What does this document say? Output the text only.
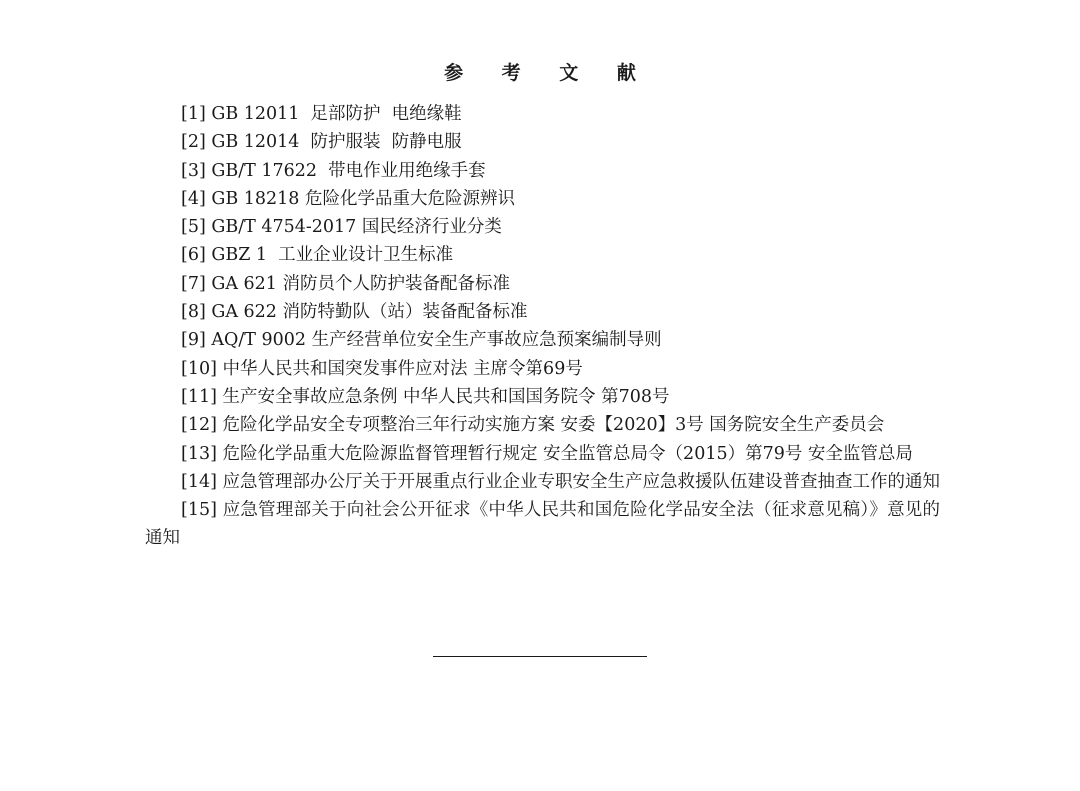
参 考 文 献

[1] GB 12011  足部防护  电绝缘鞋

[2] GB 12014  防护服装  防静电服

[3] GB/T 17622  带电作业用绝缘手套

[4] GB 18218 危险化学品重大危险源辨识

[5] GB/T 4754-2017 国民经济行业分类

[6] GBZ 1  工业企业设计卫生标准

[7] GA 621 消防员个人防护装备配备标准

[8] GA 622 消防特勤队（站）装备配备标准

[9] AQ/T 9002 生产经营单位安全生产事故应急预案编制导则

[10] 中华人民共和国突发事件应对法 主席令第69号

[11] 生产安全事故应急条例 中华人民共和国国务院令 第708号

[12] 危险化学品安全专项整治三年行动实施方案 安委【2020】3号 国务院安全生产委员会

[13] 危险化学品重大危险源监督管理暂行规定 安全监管总局令（2015）第79号 安全监管总局

[14] 应急管理部办公厅关于开展重点行业企业专职安全生产应急救援队伍建设普查抽查工作的通知

[15] 应急管理部关于向社会公开征求《中华人民共和国危险化学品安全法（征求意见稿）》意见的通知
